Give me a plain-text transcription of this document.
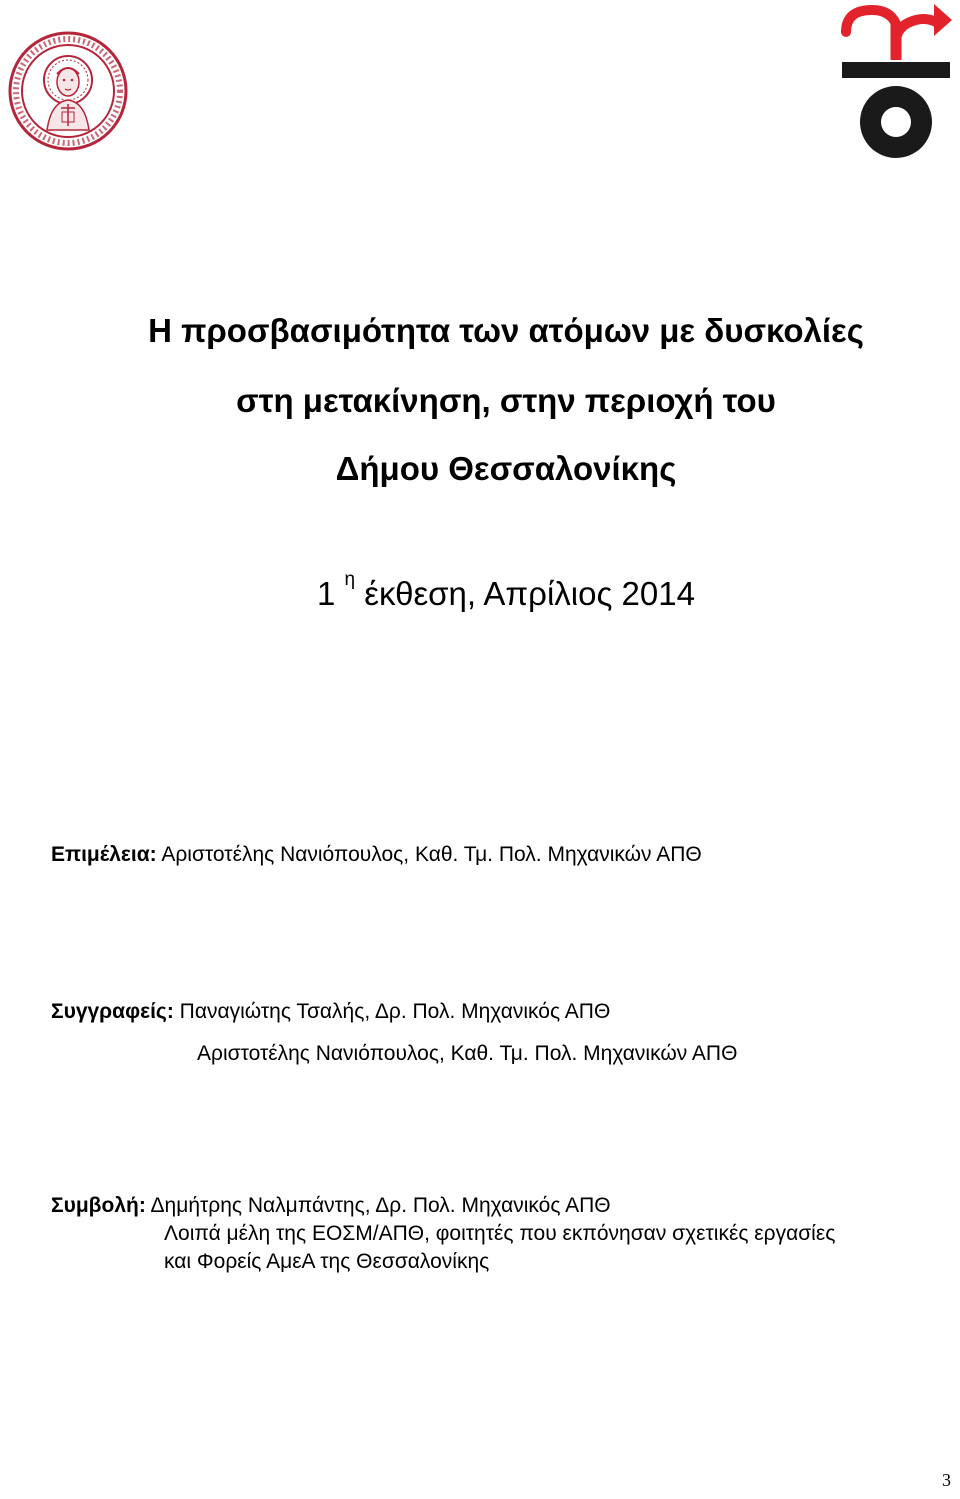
Η προσβασιμότητα των ατόμων με δυσκολίες
στη μετακίνηση, στην περιοχή του
Δήμου Θεσσαλονίκης
1 $^\eta$ έκθεση, Απρίλιος 2014
Επιμέλεια: Αριστοτέλης Νανιόπουλος, Καθ. Τμ. Πολ. Μηχανικών ΑΠΘ
Συγγραφείς: Παναγιώτης Τσαλής, Δρ. Πολ. Μηχανικός ΑΠΘ
Αριστοτέλης Νανιόπουλος, Καθ. Τμ. Πολ. Μηχανικών ΑΠΘ
Συμβολή: Δημήτρης Ναλμπάντης, Δρ. Πολ. Μηχανικός ΑΠΘ
Λοιπά μέλη της ΕΟΣΜ/ΑΠΘ, φοιτητές που εκπόνησαν σχετικές εργασίες
και Φορείς ΑμεΑ της Θεσσαλονίκης
3
